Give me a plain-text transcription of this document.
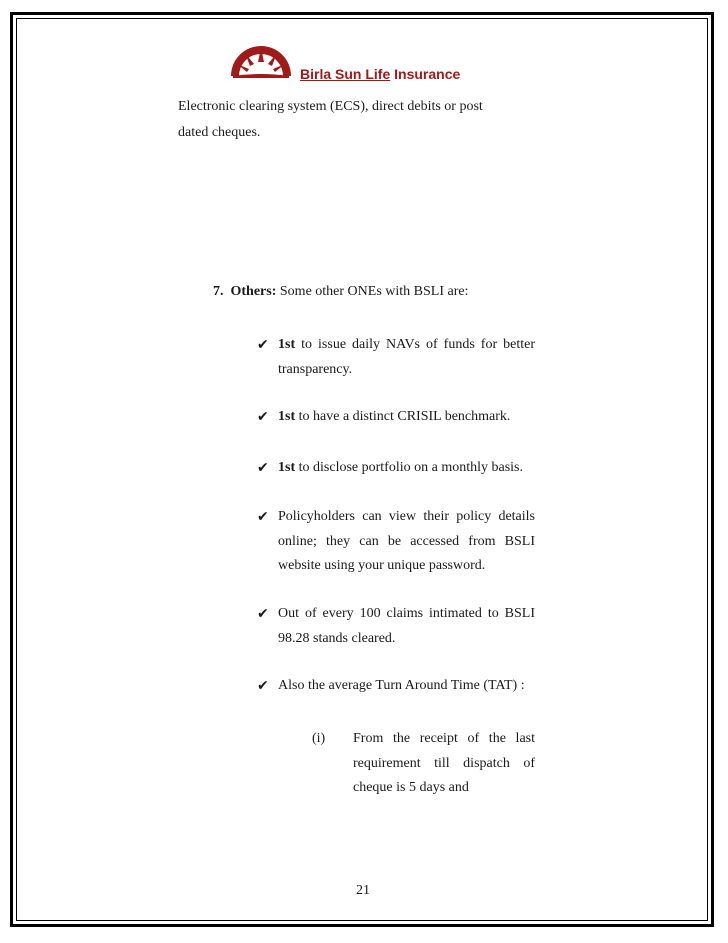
Birla Sun Life Insurance
Electronic clearing system (ECS), direct debits or post
dated cheques.
7. Others: Some other ONEs with BSLI are:
✔ 1st to issue daily NAVs of funds for better
transparency.
✔ 1st to have a distinct CRISIL benchmark.
✔ 1st to disclose portfolio on a monthly basis.
✔ Policyholders can view their policy details
online; they can be accessed from BSLI
website using your unique password.
✔ Out of every 100 claims intimated to BSLI
98.28 stands cleared.
✔ Also the average Turn Around Time (TAT) :
(i) From the receipt of the last
requirement till dispatch of
cheque is 5 days and
21
